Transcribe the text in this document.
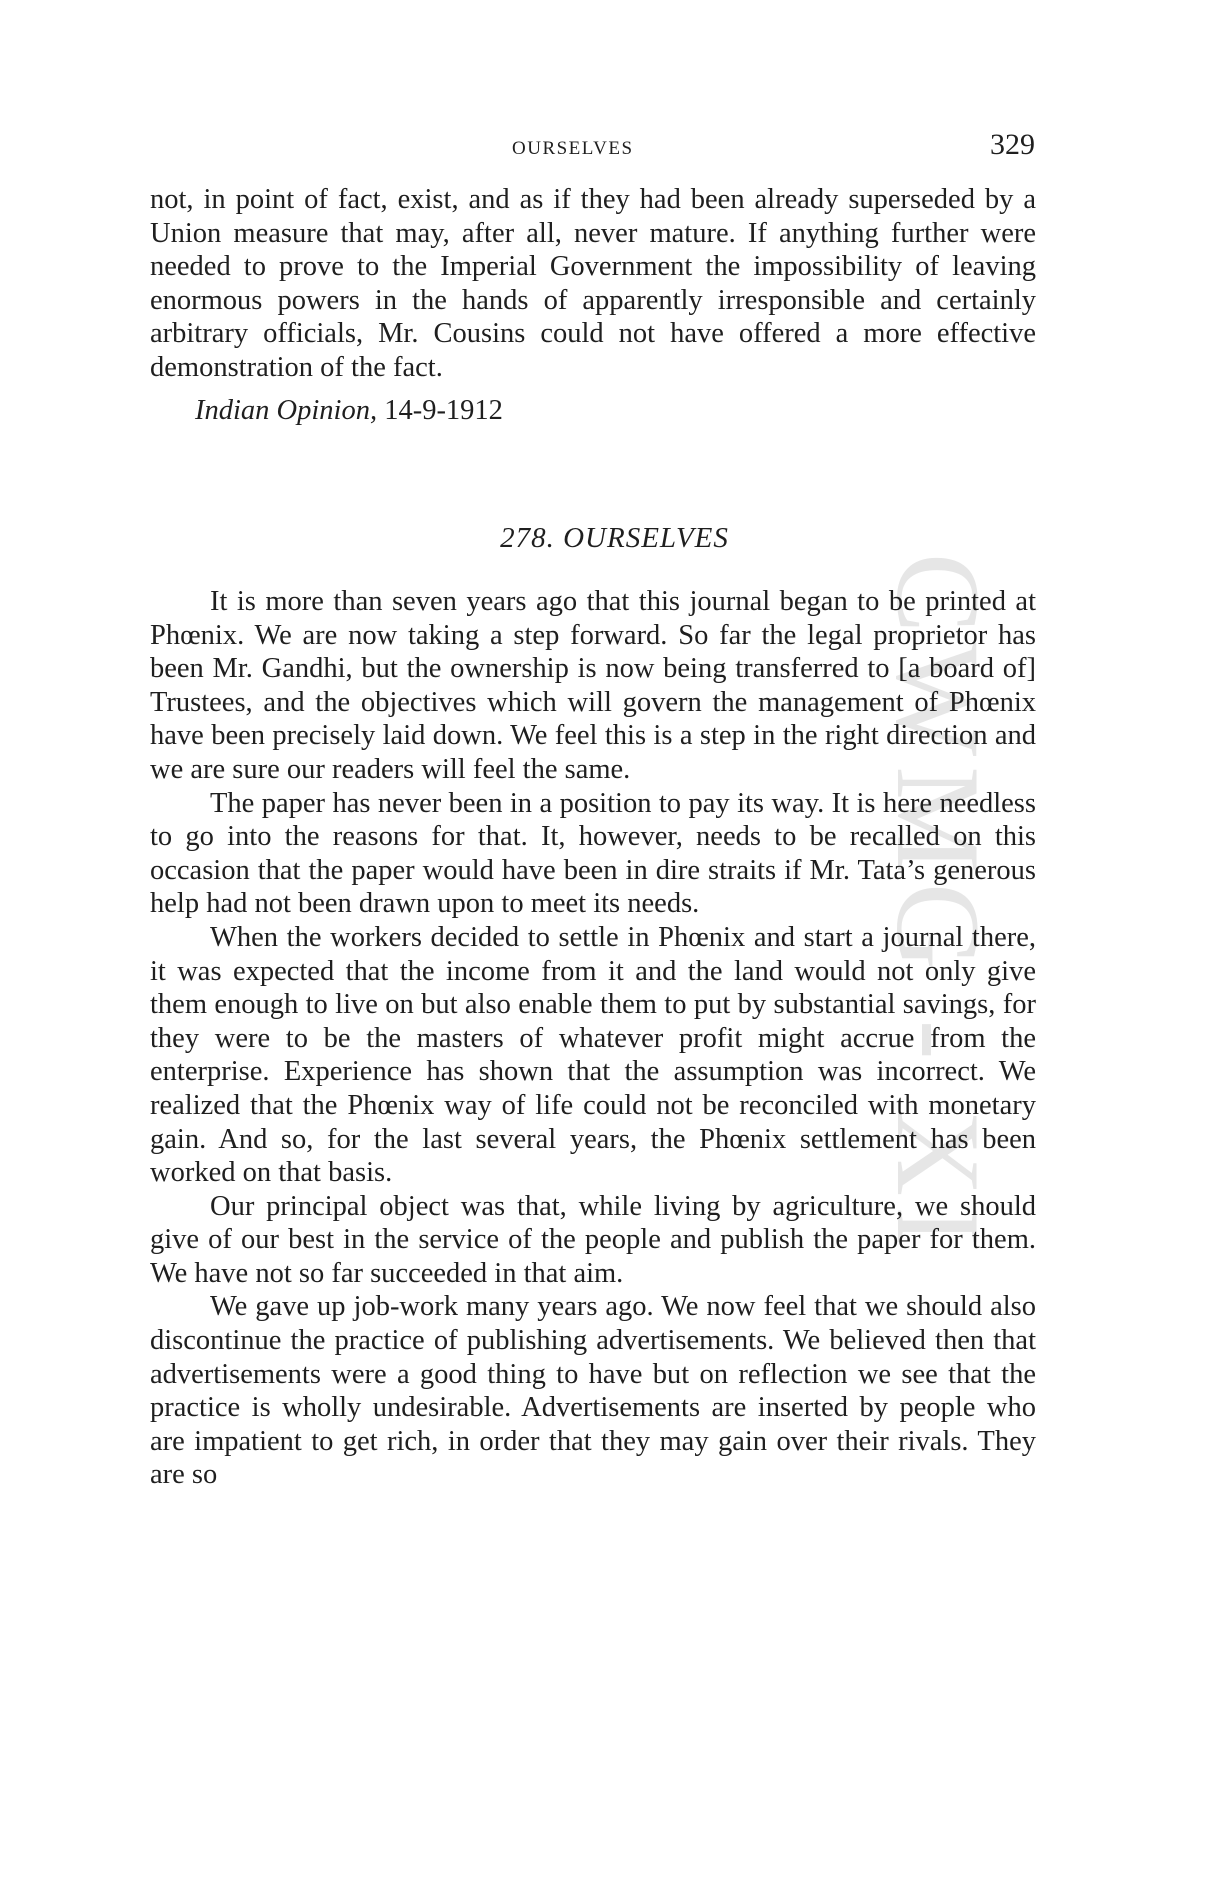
CWMG - XI
OURSELVES	329

not, in point of fact, exist, and as if they had been already superseded by a Union measure that may, after all, never mature. If anything further were needed to prove to the Imperial Government the impossibility of leaving enormous powers in the hands of apparently irresponsible and certainly arbitrary officials, Mr. Cousins could not have offered a more effective demonstration of the fact.

Indian Opinion, 14-9-1912
278. OURSELVES

It is more than seven years ago that this journal began to be printed at Phœnix. We are now taking a step forward. So far the legal proprietor has been Mr. Gandhi, but the ownership is now being transferred to [a board of] Trustees, and the objectives which will govern the management of Phœnix have been precisely laid down. We feel this is a step in the right direction and we are sure our readers will feel the same.

The paper has never been in a position to pay its way. It is here needless to go into the reasons for that. It, however, needs to be recalled on this occasion that the paper would have been in dire straits if Mr. Tata’s generous help had not been drawn upon to meet its needs.

When the workers decided to settle in Phœnix and start a journal there, it was expected that the income from it and the land would not only give them enough to live on but also enable them to put by substantial savings, for they were to be the masters of whatever profit might accrue from the enterprise. Experience has shown that the assumption was incorrect. We realized that the Phœnix way of life could not be reconciled with monetary gain. And so, for the last several years, the Phœnix settlement has been worked on that basis.

Our principal object was that, while living by agriculture, we should give of our best in the service of the people and publish the paper for them. We have not so far succeeded in that aim.

We gave up job-work many years ago. We now feel that we should also discontinue the practice of publishing advertisements. We believed then that advertisements were a good thing to have but on reflection we see that the practice is wholly undesirable. Advertisements are inserted by people who are impatient to get rich, in order that they may gain over their rivals. They are so
